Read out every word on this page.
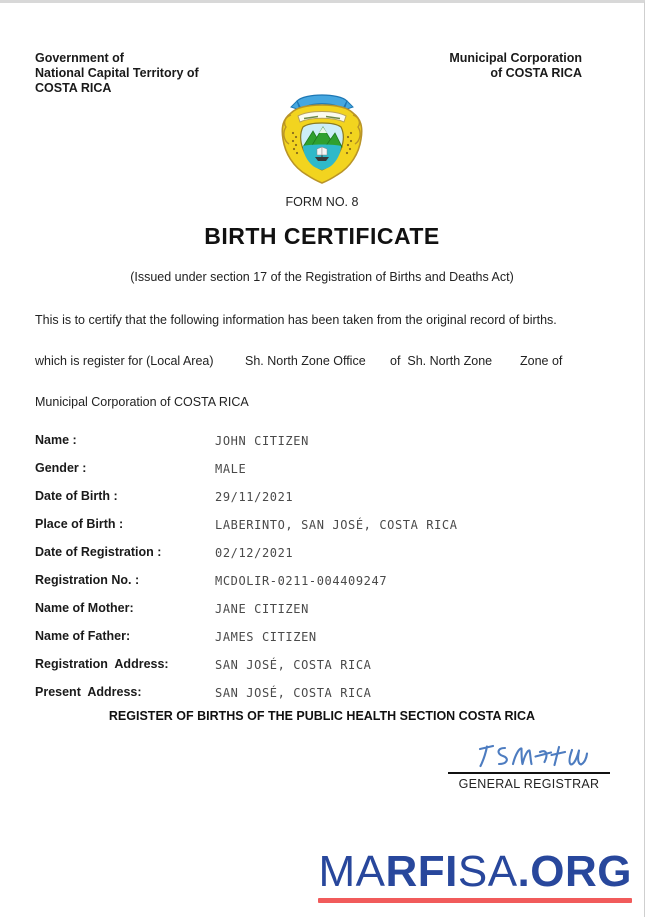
Government of
National Capital Territory of
COSTA RICA
Municipal Corporation
of COSTA RICA
FORM NO. 8
BIRTH CERTIFICATE
(Issued under section 17 of the Registration of Births and Deaths Act)
This is to certify that the following information has been taken from the original record of births.
which is register for (Local Area)	Sh. North Zone Office of  Sh. North Zone Zone of
Municipal Corporation of COSTA RICA
Name :	JOHN CITIZEN
Gender :	MALE
Date of Birth :	29/11/2021
Place of Birth :	LABERINTO, SAN JOSÉ, COSTA RICA
Date of Registration :	02/12/2021
Registration No. :	MCDOLIR-0211-004409247
Name of Mother:	JANE CITIZEN
Name of Father:	JAMES CITIZEN
Registration  Address:	SAN JOSÉ, COSTA RICA
Present  Address:	SAN JOSÉ, COSTA RICA
REGISTER OF BIRTHS OF THE PUBLIC HEALTH SECTION COSTA RICA
GENERAL REGISTRAR
MARFISA.ORG
